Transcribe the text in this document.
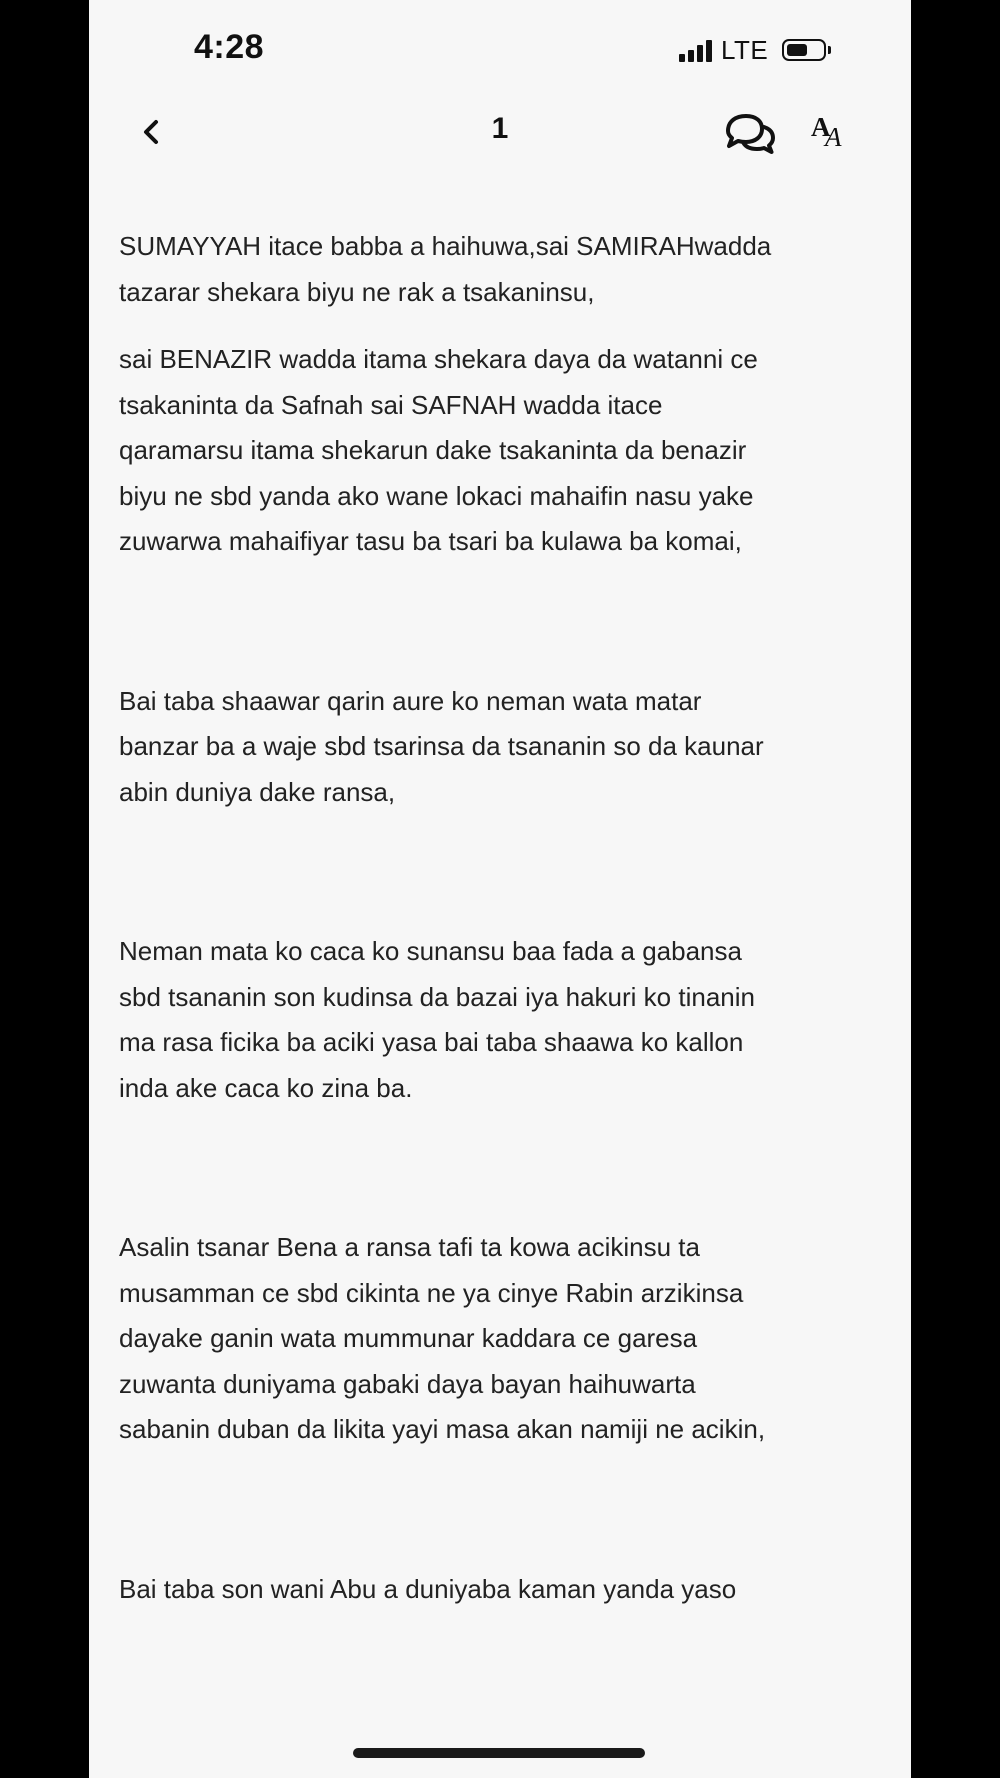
4:28	LTE
1	A
A
SUMAYYAH itace babba a haihuwa,sai SAMIRAHwadda
tazarar shekara biyu ne rak a tsakaninsu,
sai BENAZIR wadda itama shekara daya da watanni ce
tsakaninta da Safnah sai SAFNAH wadda itace
qaramarsu itama shekarun dake tsakaninta da benazir
biyu ne sbd yanda ako wane lokaci mahaifin nasu yake
zuwarwa mahaifiyar tasu ba tsari ba kulawa ba komai,
Bai taba shaawar qarin aure ko neman wata matar
banzar ba a waje sbd tsarinsa da tsananin so da kaunar
abin duniya dake ransa,
Neman mata ko caca ko sunansu baa fada a gabansa
sbd tsananin son kudinsa da bazai iya hakuri ko tinanin
ma rasa ficika ba aciki yasa bai taba shaawa ko kallon
inda ake caca ko zina ba.
Asalin tsanar Bena a ransa tafi ta kowa acikinsu ta
musamman ce sbd cikinta ne ya cinye Rabin arzikinsa
dayake ganin wata mummunar kaddara ce garesa
zuwanta duniyama gabaki daya bayan haihuwarta
sabanin duban da likita yayi masa akan namiji ne acikin,
Bai taba son wani Abu a duniyaba kaman yanda yaso
